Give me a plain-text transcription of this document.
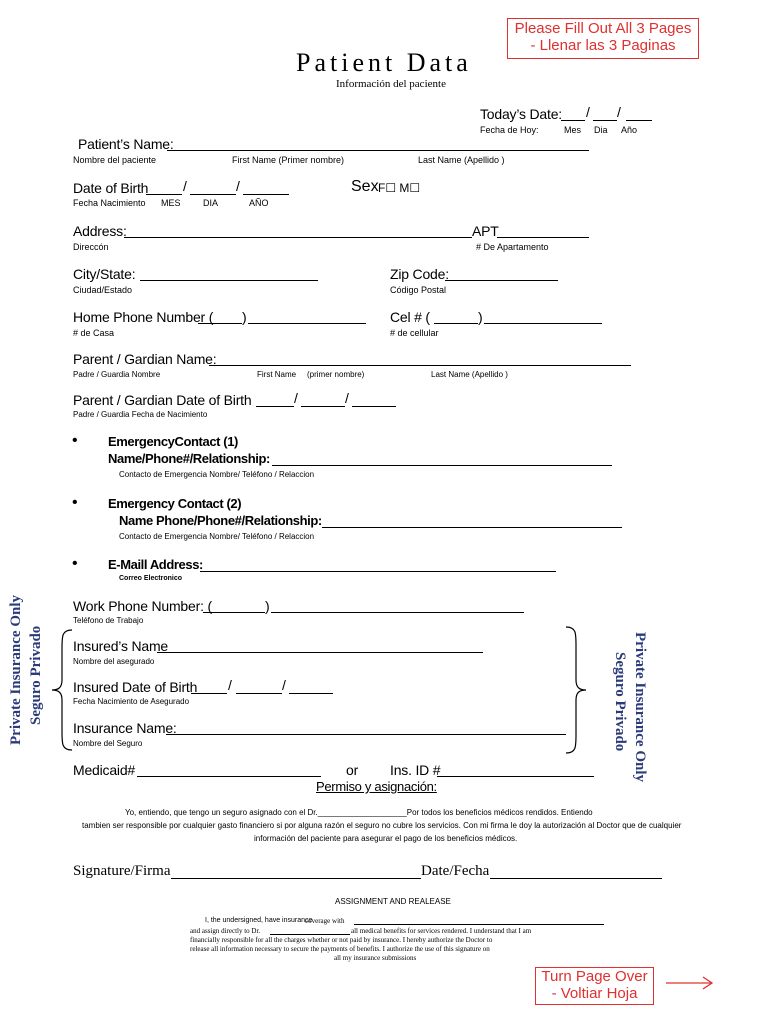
Please Fill Out All 3 Pages
- Llenar las 3 Paginas
Patient Data
Información del paciente
Today’s Date: / /
Fecha de Hoy:	Mes Dia Año
Patient’s Name:
Nombre del paciente	First Name (Primer nombre)	Last Name (Apellido )
Date of Birth /	/
Fecha Nacimiento MES DIA	AÑO
Sex F☐ M☐
Address:	APT
Direccón	# De Apartamento
City/State:
Ciudad/Estado
Zip Code:
Código Postal
Home Phone Number ( )
# de Casa
Cel # (	)
# de cellular
Parent / Gardian Name:
Padre / Guardia Nombre	First Name (primer nombre)	Last Name (Apellido )
Parent / Gardian Date of Birth	/	/
Padre / Guardia Fecha de Nacimiento
• EmergencyContact (1)
Name/Phone#/Relationship:
Contacto de Emergencia Nombre/ Teléfono / Relaccion
• Emergency Contact (2)
Name Phone/Phone#/Relationship:
Contacto de Emergencia Nombre/ Teléfono / Relaccion
• E-Maill Address:
Correo Electronico
Work Phone Number: (	)
Teléfono de Trabajo
Private Insurance Only Seguro Privado	Private Insurance Only
Seguro Privado
Insured’s Name
Nombre del asegurado
Insured Date of Birth /	/
Fecha Nacimiento de Asegurado
Insurance Name:
Nombre del Seguro
Medicaid#	or Ins. ID #
Permiso y asignación:
Yo, entiendo, que tengo un seguro asignado con el Dr.____________________Por todos los beneficios médicos rendidos. Entiendo
tambien ser responsible por cualquier gasto financiero si por alguna razón el seguro no cubre los servicios. Con mi firma le doy la autorización al Doctor que de cualquier
información del paciente para asegurar el pago de los beneficios médicos.
Signature/Firma	Date/Fecha
ASSIGNMENT AND REALEASE
I, the undersigned, have insurance
coverage with
and assign directly to Dr.	all medical benefits for services rendered. I understand that I am
financially responsible for all the charges whether or not paid by insurance. I hereby authorize the Doctor to
release all information necessary to secure the payments of benefits. I authorize the use of this signature on
all my insurance submissions
Turn Page Over
- Voltiar Hoja
